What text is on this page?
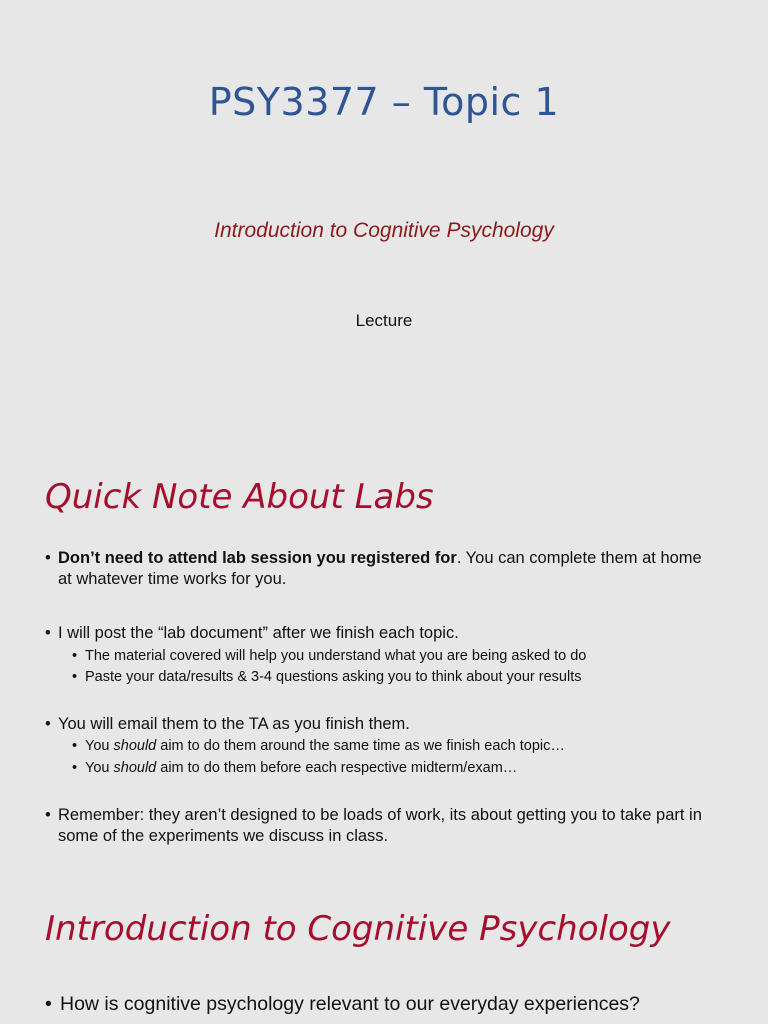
PSY3377 – Topic 1
Introduction to Cognitive Psychology
Lecture
Quick Note About Labs
• Don’t need to attend lab session you registered for. You can complete them at home at whatever time works for you.
• I will post the “lab document” after we finish each topic.
• The material covered will help you understand what you are being asked to do
• Paste your data/results & 3-4 questions asking you to think about your results
• You will email them to the TA as you finish them.
• You should aim to do them around the same time as we finish each topic…
• You should aim to do them before each respective midterm/exam…
• Remember: they aren’t designed to be loads of work, its about getting you to take part in some of the experiments we discuss in class.
Introduction to Cognitive Psychology
• How is cognitive psychology relevant to our everyday experiences?
